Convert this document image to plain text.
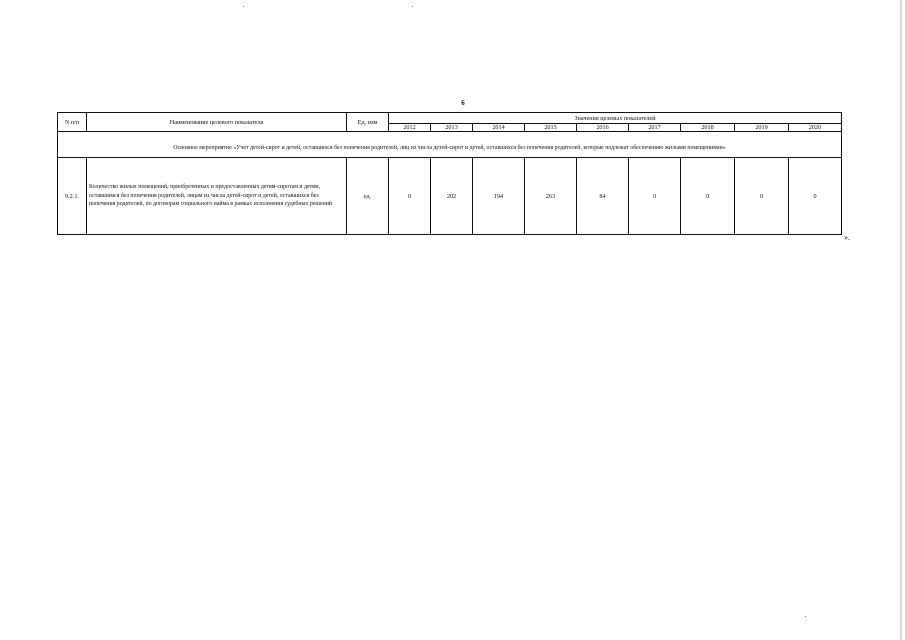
6
N п/п	Наименование целевого показателя	Ед. изм	Значения целевых показателей								
			2012	2013	2014	2015	2016	2017	2018	2019	2020

Основное мероприятие «Учет детей-сирот и детей, оставшихся без попечения родителей, лиц из числа детей-сирот и детей, оставшихся без попечения родителей, которые подлежат обеспечению жилыми помещениями»											
9.2.1.	Количество жилых помещений, приобретенных и предоставленных детям-сиротам и детям, оставшимся без попечения родителей, лицам из числа детей-сирот и детей, оставшихся без попечения родителей, по договорам социального найма в рамках исполнения судебных решений	ед.	0	202	194	263	84	0	0	0	0
».
